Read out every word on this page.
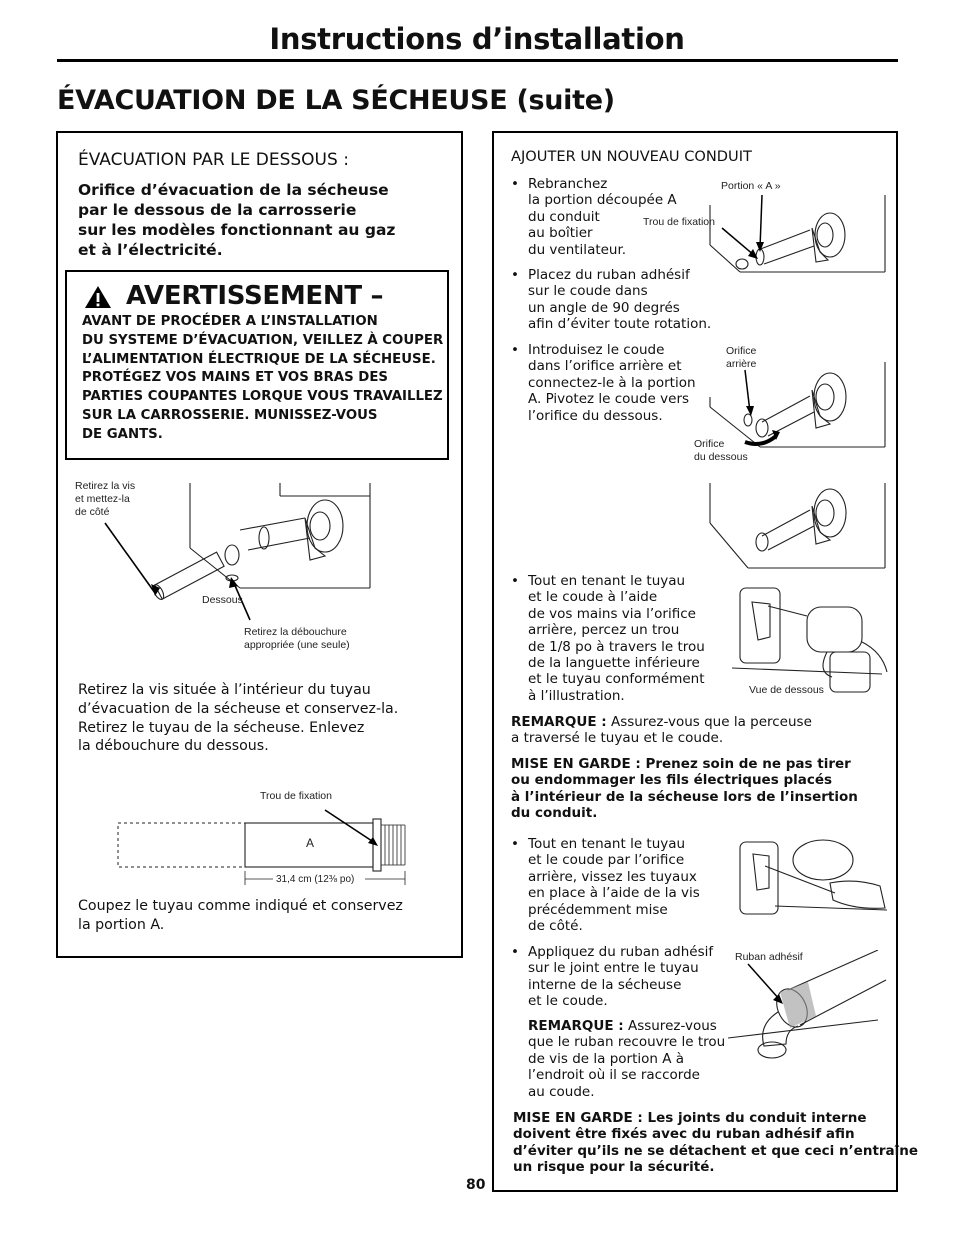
Instructions d’installation
ÉVACUATION DE LA SÉCHEUSE (suite)
ÉVACUATION PAR LE DESSOUS :
Orifice d’évacuation de la sécheuse
par le dessous de la carrosserie
sur les modèles fonctionnant au gaz
et à l’électricité.
AVERTISSEMENT –
AVANT DE PROCÉDER A L’INSTALLATION
DU SYSTEME D’ÉVACUATION, VEILLEZ À COUPER
L’ALIMENTATION ÉLECTRIQUE DE LA SÉCHEUSE.
PROTÉGEZ VOS MAINS ET VOS BRAS DES
PARTIES COUPANTES LORQUE VOUS TRAVAILLEZ
SUR LA CARROSSERIE. MUNISSEZ-VOUS
DE GANTS.
Retirez la vis
et mettez-la
de côté
Dessous
Retirez la débouchure
appropriée (une seule)
Retirez la vis située à l’intérieur du tuyau
d’évacuation de la sécheuse et conservez-la.
Retirez le tuyau de la sécheuse. Enlevez
la débouchure du dessous.
Trou de fixation
A
31,4 cm (12⅜ po)
Coupez le tuyau comme indiqué et conservez
la portion A.
AJOUTER UN NOUVEAU CONDUIT
• Rebranchez
la portion découpée A
du conduit
au boîtier
du ventilateur.
Portion « A »
Trou de fixation
• Placez du ruban adhésif
sur le coude dans
un angle de 90 degrés
afin d’éviter toute rotation.
• Introduisez le coude
dans l’orifice arrière et
connectez-le à la portion
A. Pivotez le coude vers
l’orifice du dessous.
Orifice
arrière
Orifice
du dessous
• Tout en tenant le tuyau
et le coude à l’aide
de vos mains via l’orifice
arrière, percez un trou
de 1/8 po à travers le trou
de la languette inférieure
et le tuyau conformément
à l’illustration.	Vue de dessous
REMARQUE : Assurez-vous que la perceuse
a traversé le tuyau et le coude.
MISE EN GARDE : Prenez soin de ne pas tirer
ou endommager les fils électriques placés
à l’intérieur de la sécheuse lors de l’insertion
du conduit.
• Tout en tenant le tuyau
et le coude par l’orifice
arrière, vissez les tuyaux
en place à l’aide de la vis
précédemment mise
de côté.
• Appliquez du ruban adhésif
sur le joint entre le tuyau
interne de la sécheuse
et le coude.
Ruban adhésif
REMARQUE : Assurez-vous
que le ruban recouvre le trou
de vis de la portion A à
l’endroit où il se raccorde
au coude.
MISE EN GARDE : Les joints du conduit interne
doivent être fixés avec du ruban adhésif afin
d’éviter qu’ils ne se détachent et que ceci n’entraîne
un risque pour la sécurité.
80
